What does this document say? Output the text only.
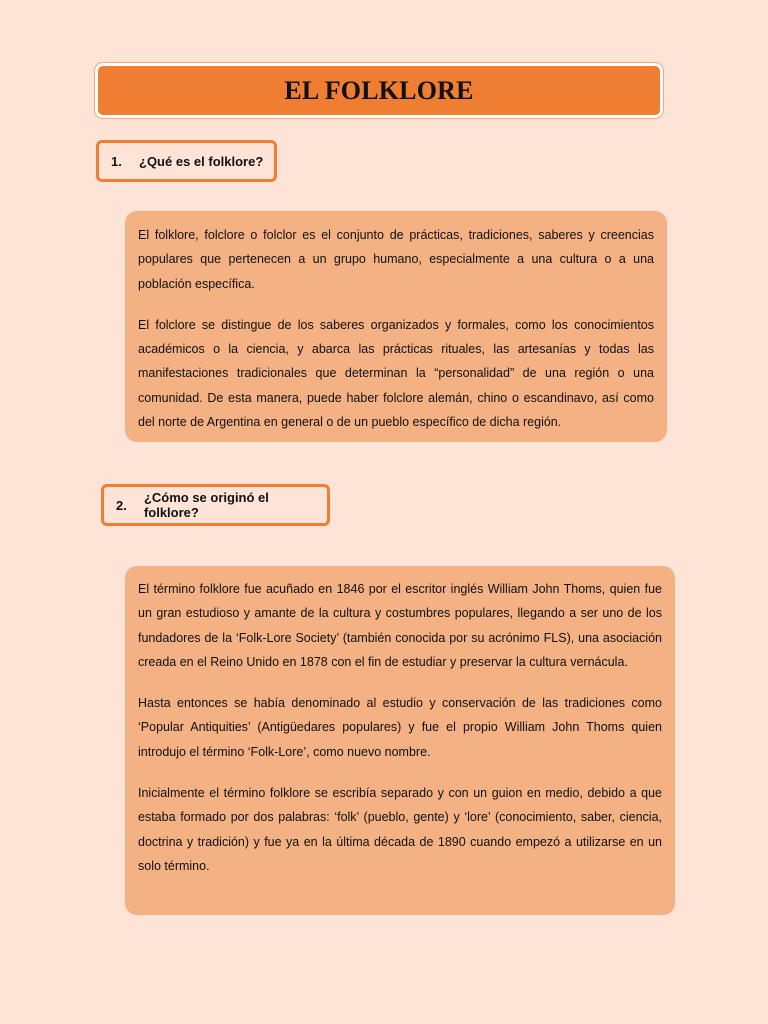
EL FOLKLORE
1.	¿Qué es el folklore?

El folklore, folclore o folclor es el conjunto de prácticas, tradiciones, saberes y creencias populares que pertenecen a un grupo humano, especialmente a una cultura o a una población específica.

El folclore se distingue de los saberes organizados y formales, como los conocimientos académicos o la ciencia, y abarca las prácticas rituales, las artesanías y todas las manifestaciones tradicionales que determinan la “personalidad” de una región o una comunidad. De esta manera, puede haber folclore alemán, chino o escandinavo, así como del norte de Argentina en general o de un pueblo específico de dicha región.

2.	¿Cómo se originó el folklore?

El término folklore fue acuñado en 1846 por el escritor inglés William John Thoms, quien fue un gran estudioso y amante de la cultura y costumbres populares, llegando a ser uno de los fundadores de la ‘Folk-Lore Society’ (también conocida por su acrónimo FLS), una asociación creada en el Reino Unido en 1878 con el fin de estudiar y preservar la cultura vernácula.

Hasta entonces se había denominado al estudio y conservación de las tradiciones como ‘Popular Antiquities’ (Antigüedares populares) y fue el propio William John Thoms quien introdujo el término ‘Folk-Lore’, como nuevo nombre.

Inicialmente el término folklore se escribía separado y con un guion en medio, debido a que estaba formado por dos palabras: ‘folk’ (pueblo, gente) y ‘lore’ (conocimiento, saber, ciencia, doctrina y tradición) y fue ya en la última década de 1890 cuando empezó a utilizarse en un solo término.
